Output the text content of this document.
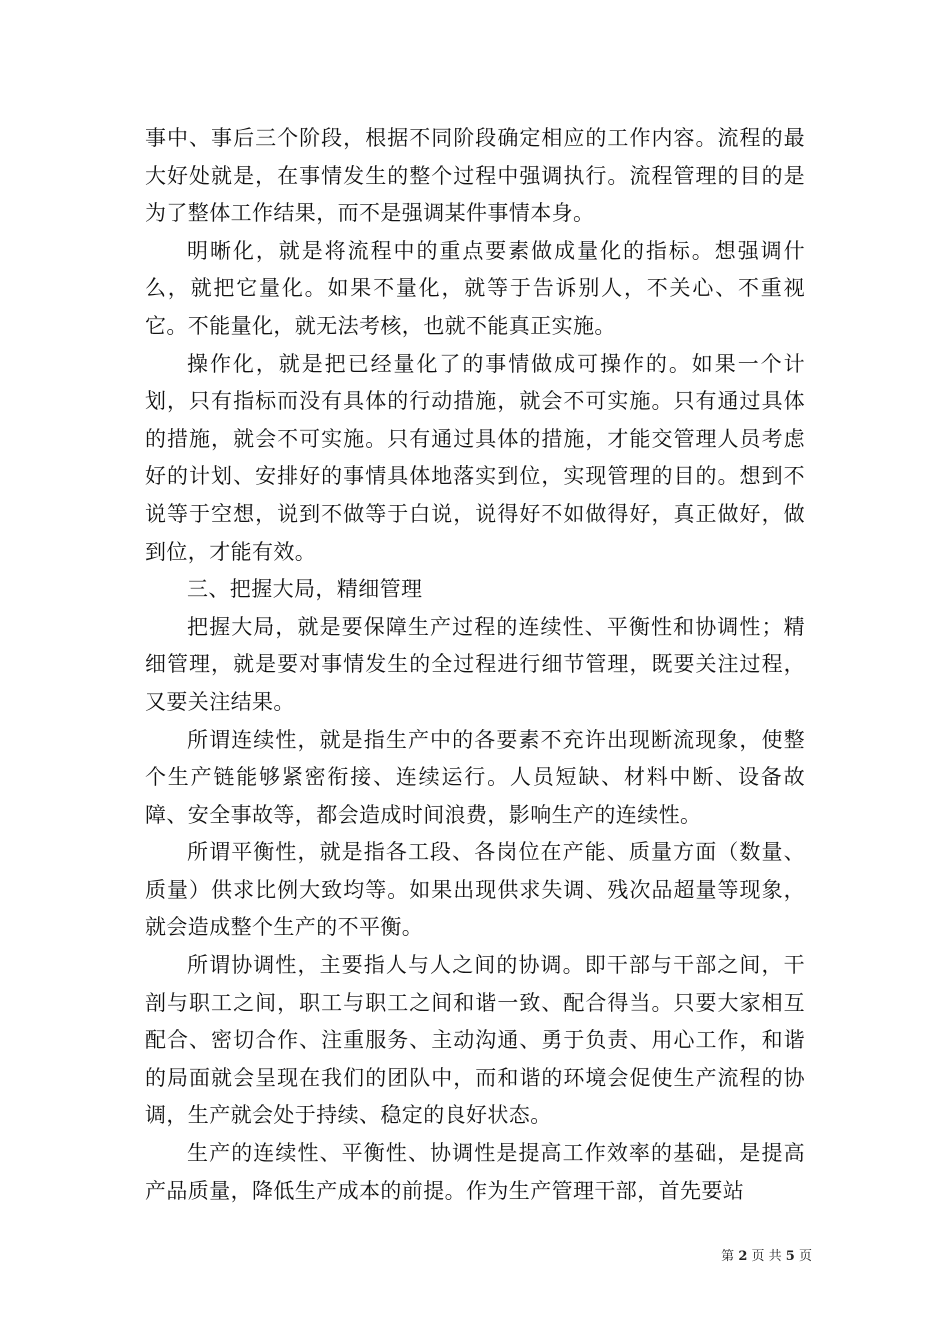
事中、事后三个阶段，根据不同阶段确定相应的工作内容。流程的最大好处就是，在事情发生的整个过程中强调执行。流程管理的目的是为了整体工作结果，而不是强调某件事情本身。

明晰化，就是将流程中的重点要素做成量化的指标。想强调什么，就把它量化。如果不量化，就等于告诉别人，不关心、不重视它。不能量化，就无法考核，也就不能真正实施。

操作化，就是把已经量化了的事情做成可操作的。如果一个计划，只有指标而没有具体的行动措施，就会不可实施。只有通过具体的措施，就会不可实施。只有通过具体的措施，才能交管理人员考虑好的计划、安排好的事情具体地落实到位，实现管理的目的。想到不说等于空想，说到不做等于白说，说得好不如做得好，真正做好，做到位，才能有效。

三、把握大局，精细管理

把握大局，就是要保障生产过程的连续性、平衡性和协调性；精细管理，就是要对事情发生的全过程进行细节管理，既要关注过程，又要关注结果。

所谓连续性，就是指生产中的各要素不充许出现断流现象，使整个生产链能够紧密衔接、连续运行。人员短缺、材料中断、设备故障、安全事故等，都会造成时间浪费，影响生产的连续性。

所谓平衡性，就是指各工段、各岗位在产能、质量方面（数量、质量）供求比例大致均等。如果出现供求失调、残次品超量等现象，就会造成整个生产的不平衡。

所谓协调性，主要指人与人之间的协调。即干部与干部之间，干剖与职工之间，职工与职工之间和谐一致、配合得当。只要大家相互配合、密切合作、注重服务、主动沟通、勇于负责、用心工作，和谐的局面就会呈现在我们的团队中，而和谐的环境会促使生产流程的协调，生产就会处于持续、稳定的良好状态。

生产的连续性、平衡性、协调性是提高工作效率的基础，是提高产品质量，降低生产成本的前提。作为生产管理干部，首先要站

第 2 页 共 5 页
